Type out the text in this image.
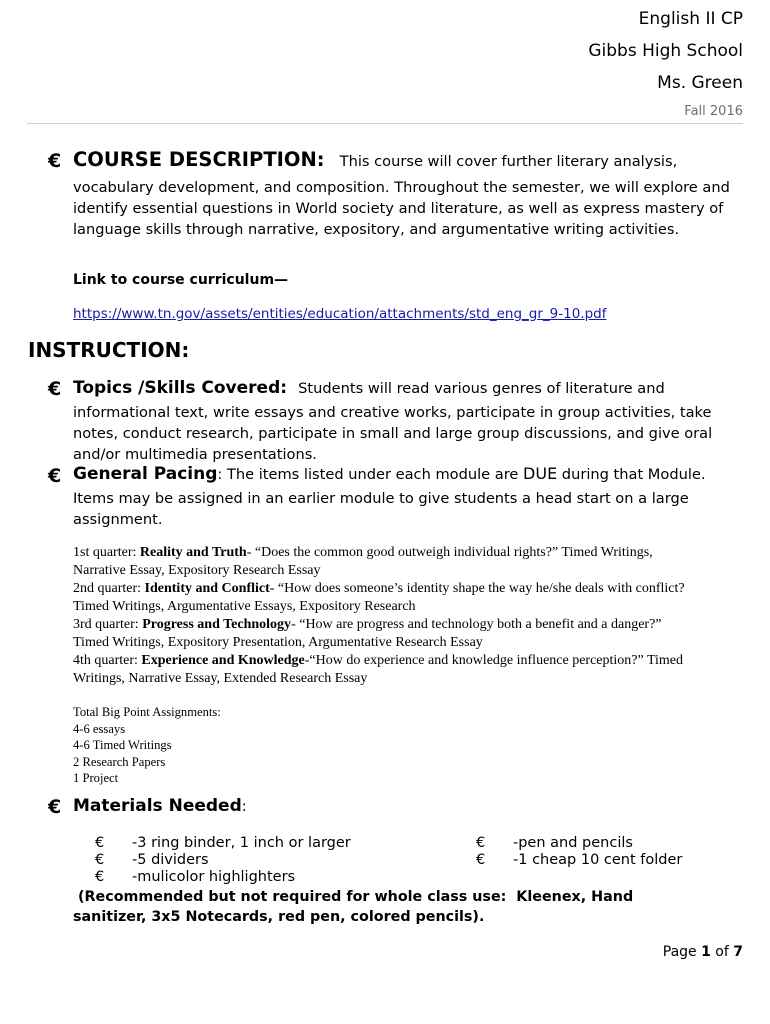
English II CP
Gibbs High School
Ms. Green
Fall 2016
€ COURSE DESCRIPTION: This course will cover further literary analysis,
vocabulary development, and composition. Throughout the semester, we will explore and identify essential questions in World society and literature, as well as express mastery of language skills through narrative, expository, and argumentative writing activities.
Link to course curriculum—
https://www.tn.gov/assets/entities/education/attachments/std_eng_gr_9-10.pdf
INSTRUCTION:
€ Topics /Skills Covered: Students will read various genres of literature and
informational text, write essays and creative works, participate in group activities, take notes, conduct research, participate in small and large group discussions, and give oral and/or multimedia presentations.
€ General Pacing: The items listed under each module are DUE during that Module.
Items may be assigned in an earlier module to give students a head start on a large assignment.
1st quarter: Reality and Truth- “Does the common good outweigh individual rights?” Timed Writings,
Narrative Essay, Expository Research Essay
2nd quarter: Identity and Conflict- “How does someone’s identity shape the way he/she deals with conflict?
Timed Writings, Argumentative Essays, Expository Research
3rd quarter: Progress and Technology- “How are progress and technology both a benefit and a danger?”
Timed Writings, Expository Presentation, Argumentative Research Essay
4th quarter: Experience and Knowledge-“How do experience and knowledge influence perception?” Timed
Writings, Narrative Essay, Extended Research Essay
Total Big Point Assignments:
4-6 essays
4-6 Timed Writings
2 Research Papers
1 Project
€ Materials Needed:
€	-3 ring binder, 1 inch or larger
€	-5 dividers
€	-mulicolor highlighters
€	-pen and pencils
€	-1 cheap 10 cent folder
(Recommended but not required for whole class use:  Kleenex, Hand
sanitizer, 3x5 Notecards, red pen, colored pencils).
Page 1 of 7
